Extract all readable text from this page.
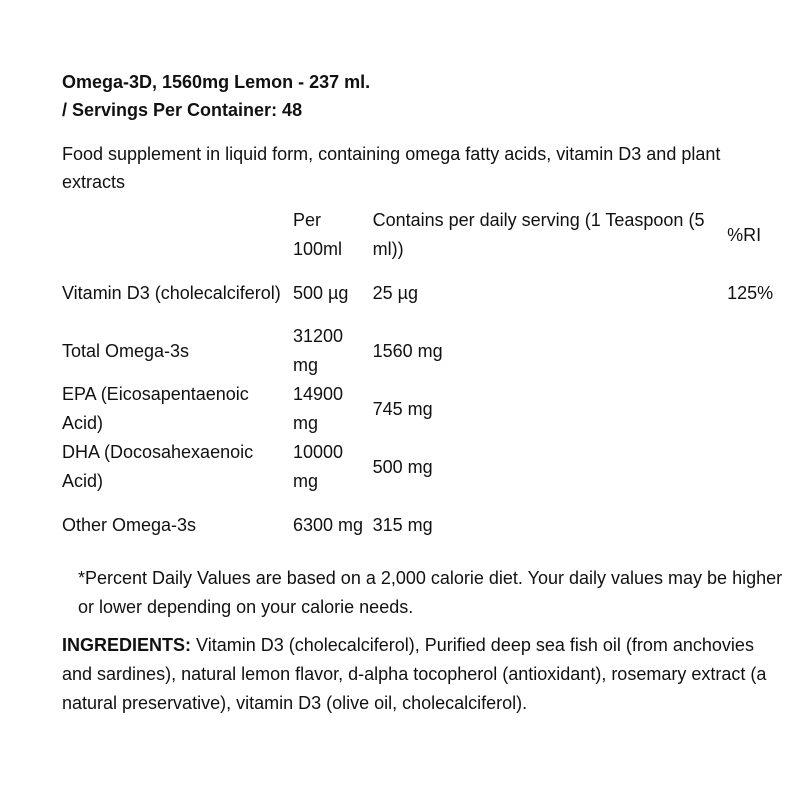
Omega-3D, 1560mg Lemon - 237 ml.
/ Servings Per Container: 48

Food supplement in liquid form, containing omega fatty acids, vitamin D3 and plant extracts

	Per 100ml	Contains per daily serving (1 Teaspoon (5 ml))	%RI
Vitamin D3 (cholecalciferol)	500 µg	25 µg	125%
Total Omega-3s	31200 mg	1560 mg	
EPA (Eicosapentaenoic Acid)	14900 mg	745 mg	
DHA (Docosahexaenoic Acid)	10000 mg	500 mg	
Other Omega-3s	6300 mg	315 mg	

*Percent Daily Values are based on a 2,000 calorie diet. Your daily values may be higher or lower depending on your calorie needs.

INGREDIENTS: Vitamin D3 (cholecalciferol), Purified deep sea fish oil (from anchovies and sardines), natural lemon flavor, d-alpha tocopherol (antioxidant), rosemary extract (a natural preservative), vitamin D3 (olive oil, cholecalciferol).
